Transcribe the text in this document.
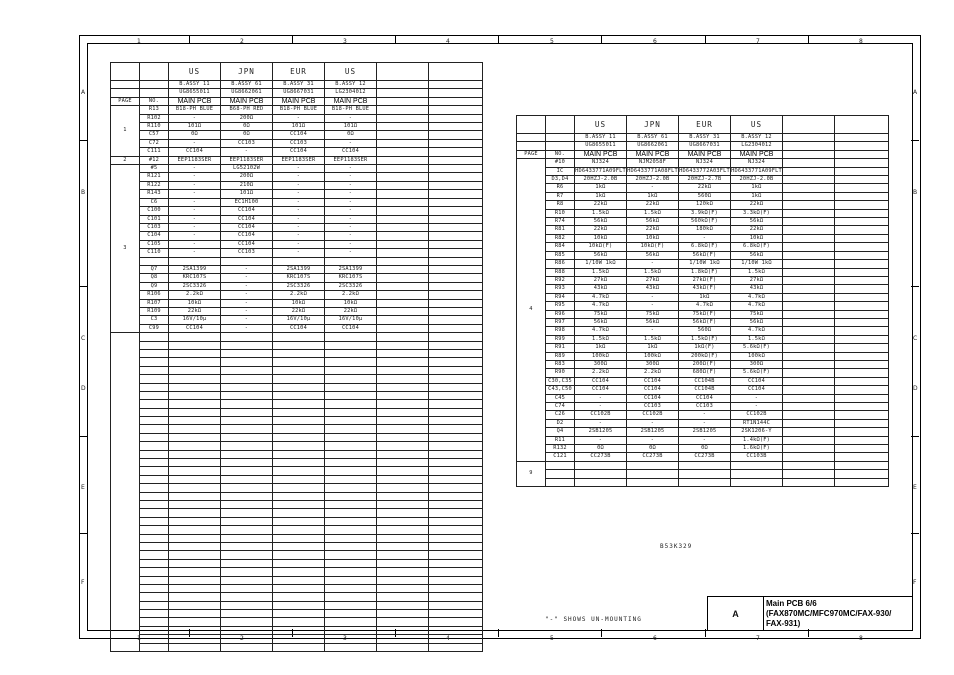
1
1
2
2
3
3
4
4
5
5
6
6
7
7
8
8
A	A
B	B
C	C
D	D
E	E
F	F
		US	JPN	EUR	US		
		B.ASSY 11	B.ASSY 61	B.ASSY 31	B.ASSY 12		
		UG8655011	UG8662061	UG8667031	LG2304012		
PAGE	NO.	MAIN PCB	MAIN PCB	MAIN PCB	MAIN PCB		
1	R13	B18-PH BLUE	B68-PH RED	B18-PH BLUE	B18-PH BLUE		
	R102	-	200Ω	-	-		
	R110	101Ω	0Ω	101Ω	101Ω		
	C57	0Ω	0Ω	CC104	0Ω		
	C72	-	CC103	CC103	-		
	C111	CC104	-	CC104	CC104		
2	#12	EEP1183SER	EEP1183SER	EEP1183SER	EEP1183SER		
3	#5	-	LG52102W	-	-		
	R121	-	200Ω	-	-		
	R122	-	210Ω	-	-		
	R143	-	101Ω	-	-		
	C6	-	EC1H100	-	-		
	C100	-	CC104	-	-		
	C101	-	CC104	-	-		
	C103	-	CC104	-	-		
	C104	-	CC104	-	-		
	C105	-	CC104	-	-		
	C110	-	CC103	-	-		

	Q7	2SA1399	-	2SA1399	2SA1399		
	Q8	KRC107S	-	KRC107S	KRC107S		
	Q9	2SC3326	-	2SC3326	2SC3326		
	R106	2.2kΩ	-	2.2kΩ	2.2kΩ		
	R107	10kΩ	-	10kΩ	10kΩ		
	R109	22kΩ	-	22kΩ	22kΩ		
	C3	16V/10μ	-	16V/10μ	16V/10μ		
	C99	CC104	-	CC104	CC104		

		US	JPN	EUR	US		
		B.ASSY 11	B.ASSY 61	B.ASSY 31	B.ASSY 12		
		UG8655011	UG8662061	UG8667031	LG2304012		
PAGE	NO.	MAIN PCB	MAIN PCB	MAIN PCB	MAIN PCB		
4	#10	NJ324	NJM2058F	NJ324	NJ324		
	IC	HD6433771A09FLT	HD6433771A08FLT	HD6433772A03FLT	HD6433771A09FLT		
	D3,D4	20HZJ-2.0B	20HZJ-2.0B	20HZJ-2.7B	20HZJ-2.0B		
	R6	1kΩ	-	22kΩ	1kΩ		
	R7	1kΩ	1kΩ	560Ω	1kΩ		
	R8	22kΩ	22kΩ	120kΩ	22kΩ		
	R10	1.5kΩ	1.5kΩ	3.9kΩ(F)	3.3kΩ(F)		
	R74	56kΩ	56kΩ	560kΩ(F)	56kΩ		
	R81	22kΩ	22kΩ	180kΩ	22kΩ		
	R82	10kΩ	10kΩ	-	10kΩ		
	R84	10kΩ(F)	10kΩ(F)	6.8kΩ(F)	6.8kΩ(F)		
	R85	56kΩ	56kΩ	56kΩ(F)	56kΩ		
	R86	1/10W 1kΩ	-	1/10W 1kΩ	1/10W 1kΩ		
	R88	1.5kΩ	1.5kΩ	1.8kΩ(F)	1.5kΩ		
	R92	27kΩ	27kΩ	27kΩ(F)	27kΩ		
	R93	43kΩ	43kΩ	43kΩ(F)	43kΩ		
	R94	4.7kΩ	-	1kΩ	4.7kΩ		
	R95	4.7kΩ	-	4.7kΩ	4.7kΩ		
	R96	75kΩ	75kΩ	75kΩ(F)	75kΩ		
	R97	56kΩ	56kΩ	56kΩ(F)	56kΩ		
	R98	4.7kΩ	-	560Ω	4.7kΩ		
	R99	1.5kΩ	1.5kΩ	1.5kΩ(F)	1.5kΩ		
	R91	1kΩ	1kΩ	1kΩ(F)	5.6kΩ(F)		
	R89	100kΩ	100kΩ	200kΩ(F)	100kΩ		
	R83	300Ω	300Ω	200Ω(F)	300Ω		
	R90	2.2kΩ	2.2kΩ	680Ω(F)	5.6kΩ(F)		
	C30,C35	CC104	CC104	CC104B	CC104		
	C43,C50	CC104	CC104	CC104B	CC104		
	C45	-	CC104	CC104	-		
	C74	-	CC103	CC103	-		
	C26	CC102B	CC102B	-	CC102B		
	D2	-	-	-	RT1N144C		
	Q4	2SB1205	2SB1205	2SB1205	2SK1206-Y		
	R11	-	-	-	1.4kΩ(F)		
	R132	0Ω	0Ω	0Ω	1.6kΩ(F)		
	C121	CC273B	CC273B	CC273B	CC103B		
9							

"-" SHOWS UN-MOUNTING
B53K329
A
Main PCB 6/6
(FAX870MC/MFC970MC/FAX-930/
FAX-931)
